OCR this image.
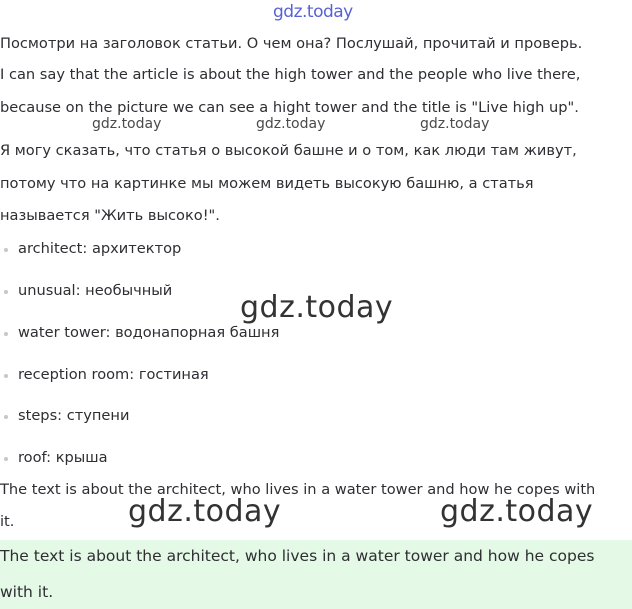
gdz.today
Посмотри на заголовок статьи. О чем она? Послушай, прочитай и проверь.
I can say that the article is about the high tower and the people who live there,
because on the picture we can see a hight tower and the title is "Live high up".
gdz.today	gdz.today	gdz.today
Я могу сказать, что статья о высокой башне и о том, как люди там живут,
потому что на картинке мы можем видеть высокую башню, а статья
называется "Жить высоко!".
architect: архитектор
unusual: необычный
water tower: водонапорная башня
reception room: гостиная
steps: ступени
roof: крыша
gdz.today
The text is about the architect, who lives in a water tower and how he copes with
it.
The text is about the architect, who lives in a water tower and how he copes
with it.
gdz.today	gdz.today
